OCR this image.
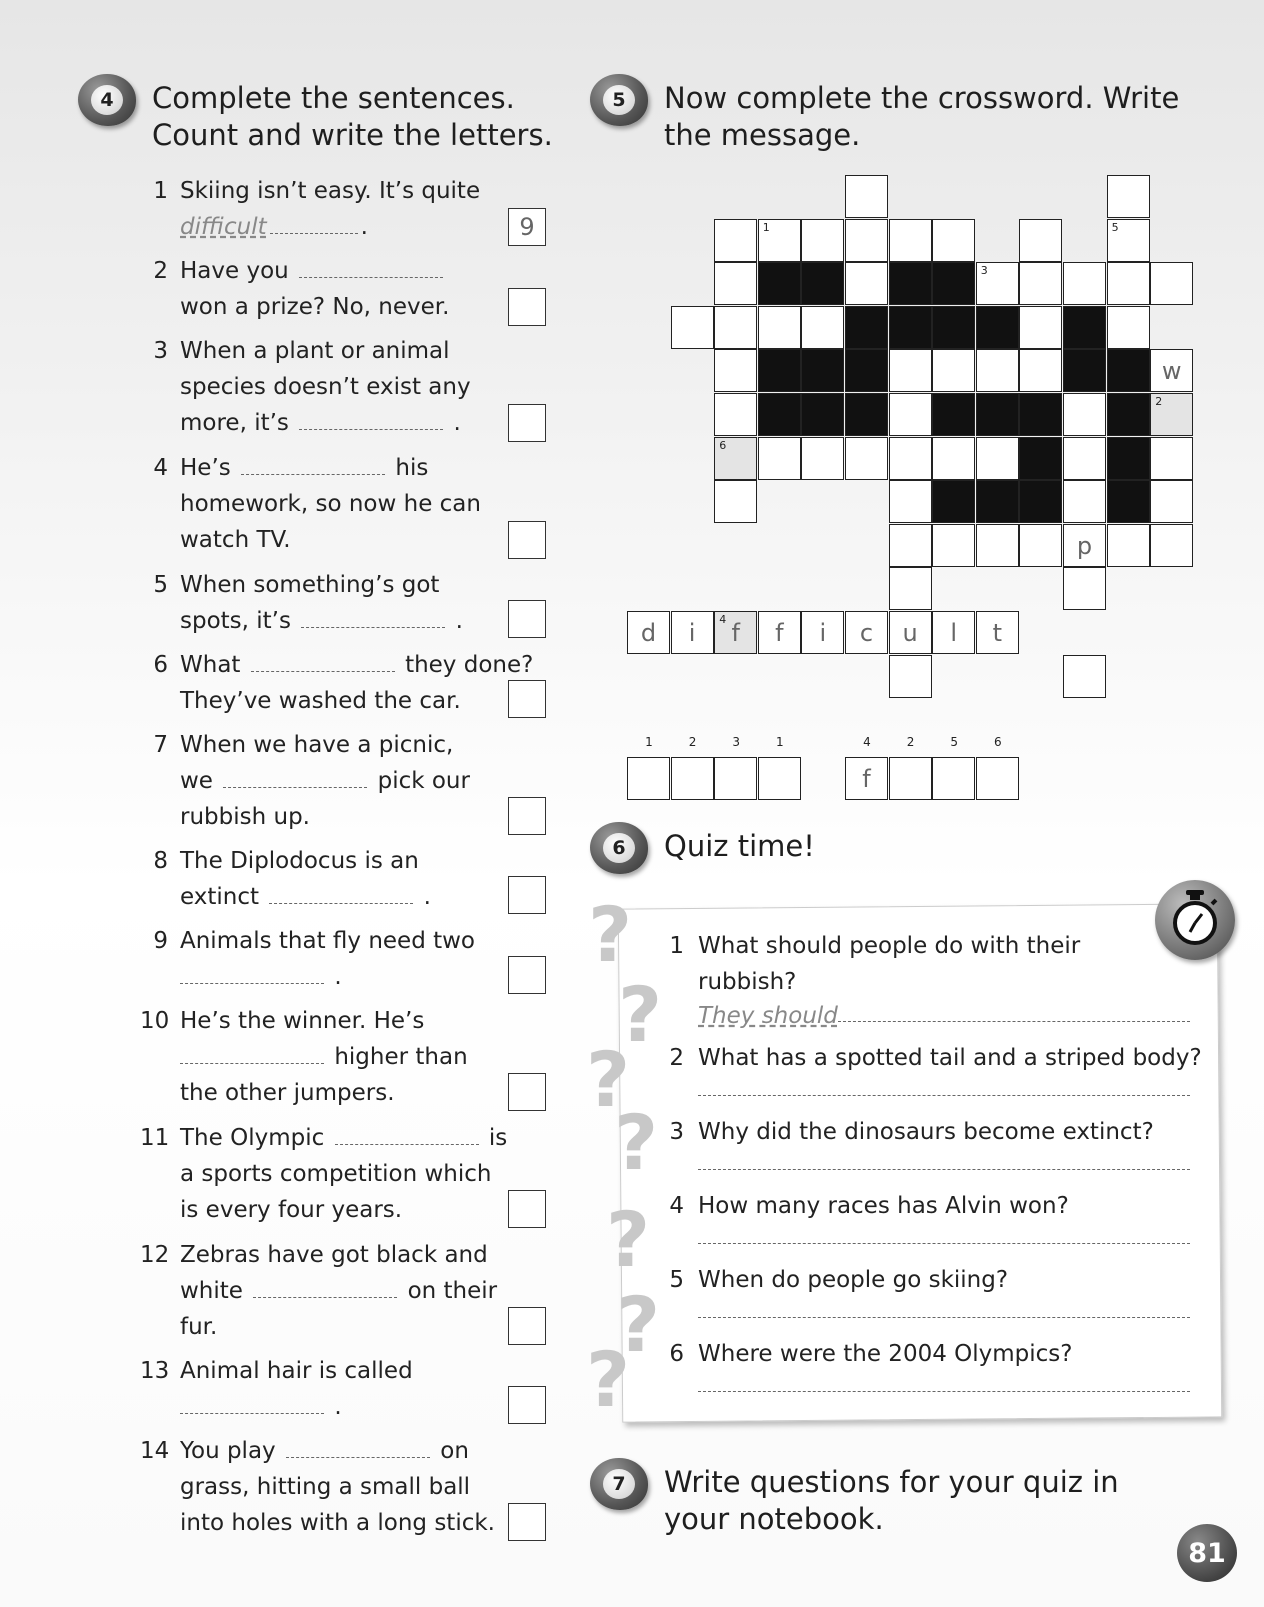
4	Complete the sentences.
Count and write the letters.
1 Skiing isn’t easy. It’s quite
difficult	.	9
2 Have you
won a prize? No, never.
3 When a plant or animal
species doesn’t exist any
more, it’s	.
4 He’s	his
homework, so now he can
watch TV.
5 When something’s got
spots, it’s	.
6 What	they done?
They’ve washed the car.
7 When we have a picnic,
we	pick our
rubbish up.
8 The Diplodocus is an
extinct	.
9 Animals that fly need two
.
10 He’s the winner. He’s
higher than
the other jumpers.
11 The Olympic	is
a sports competition which
is every four years.
12 Zebras have got black and
white	on their
fur.
13 Animal hair is called
.
14 You play	on
grass, hitting a small ball
into holes with a long stick.
5	Now complete the crossword. Write
the message.
1	5
3
w
2
6
p
d	i	f
4	f	i	c	u	l	t
1	2	3	1	4
f
2	5	6
6	Quiz time!
?
?
?
?
?
?
?
1 What should people do with their
rubbish?
They should
2 What has a spotted tail and a striped body?
3 Why did the dinosaurs become extinct?
4 How many races has Alvin won?
5 When do people go skiing?
6 Where were the 2004 Olympics?
7	Write questions for your quiz in
your notebook.
81
